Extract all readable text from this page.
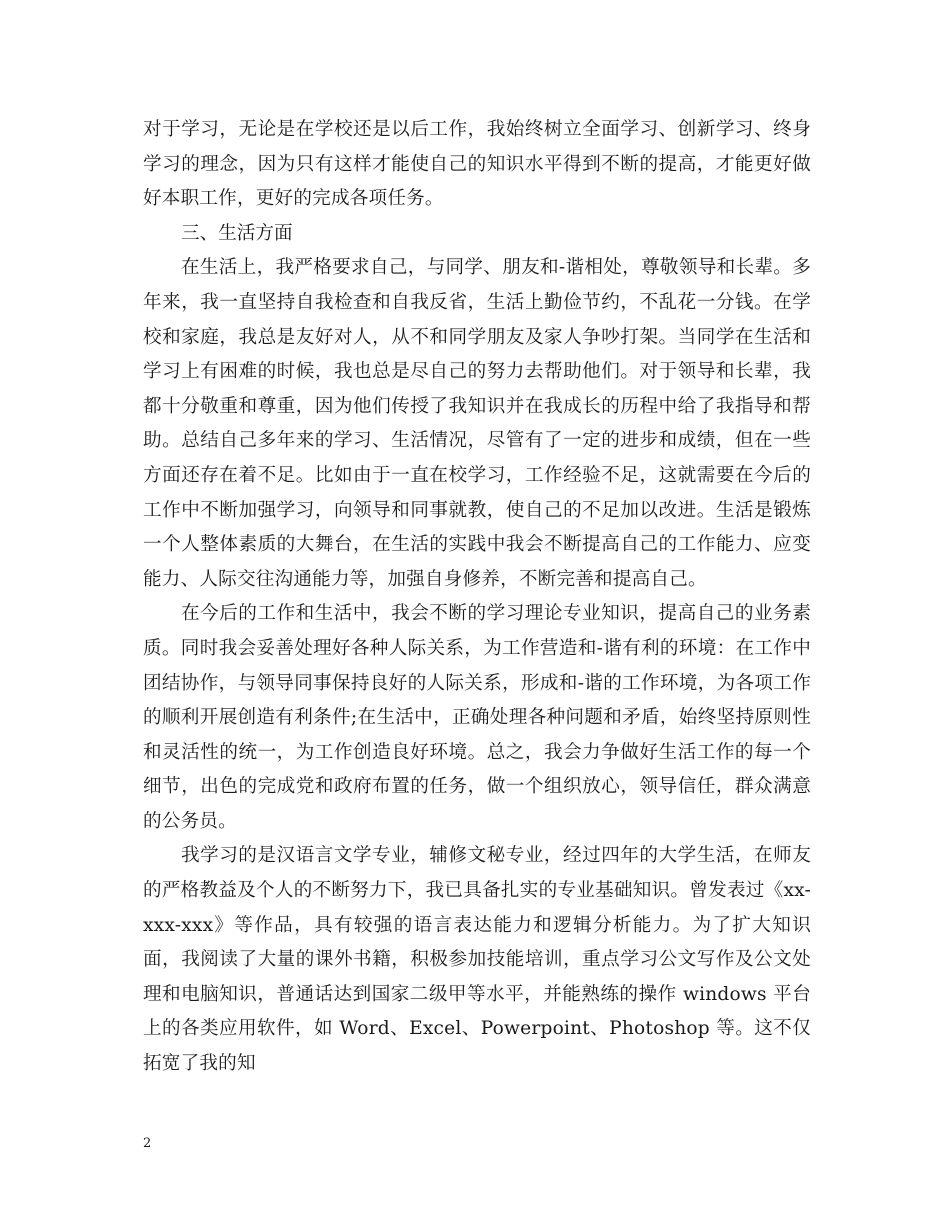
对于学习，无论是在学校还是以后工作，我始终树立全面学习、创新学习、终身学习的理念，因为只有这样才能使自己的知识水平得到不断的提高，才能更好做好本职工作，更好的完成各项任务。

三、生活方面

在生活上，我严格要求自己，与同学、朋友和-谐相处，尊敬领导和长辈。多年来，我一直坚持自我检查和自我反省，生活上勤俭节约，不乱花一分钱。在学校和家庭，我总是友好对人，从不和同学朋友及家人争吵打架。当同学在生活和学习上有困难的时候，我也总是尽自己的努力去帮助他们。对于领导和长辈，我都十分敬重和尊重，因为他们传授了我知识并在我成长的历程中给了我指导和帮助。总结自己多年来的学习、生活情况，尽管有了一定的进步和成绩，但在一些方面还存在着不足。比如由于一直在校学习，工作经验不足，这就需要在今后的工作中不断加强学习，向领导和同事就教，使自己的不足加以改进。生活是锻炼一个人整体素质的大舞台，在生活的实践中我会不断提高自己的工作能力、应变能力、人际交往沟通能力等，加强自身修养，不断完善和提高自己。

在今后的工作和生活中，我会不断的学习理论专业知识，提高自己的业务素质。同时我会妥善处理好各种人际关系，为工作营造和-谐有利的环境：在工作中团结协作，与领导同事保持良好的人际关系，形成和-谐的工作环境，为各项工作的顺利开展创造有利条件;在生活中，正确处理各种问题和矛盾，始终坚持原则性和灵活性的统一，为工作创造良好环境。总之，我会力争做好生活工作的每一个细节，出色的完成党和政府布置的任务，做一个组织放心，领导信任，群众满意的公务员。

我学习的是汉语言文学专业，辅修文秘专业，经过四年的大学生活，在师友的严格教益及个人的不断努力下，我已具备扎实的专业基础知识。曾发表过《xx-xxx-xxx》等作品，具有较强的语言表达能力和逻辑分析能力。为了扩大知识面，我阅读了大量的课外书籍，积极参加技能培训，重点学习公文写作及公文处理和电脑知识，普通话达到国家二级甲等水平，并能熟练的操作 windows 平台上的各类应用软件，如 Word、Excel、Powerpoint、Photoshop 等。这不仅拓宽了我的知

2
